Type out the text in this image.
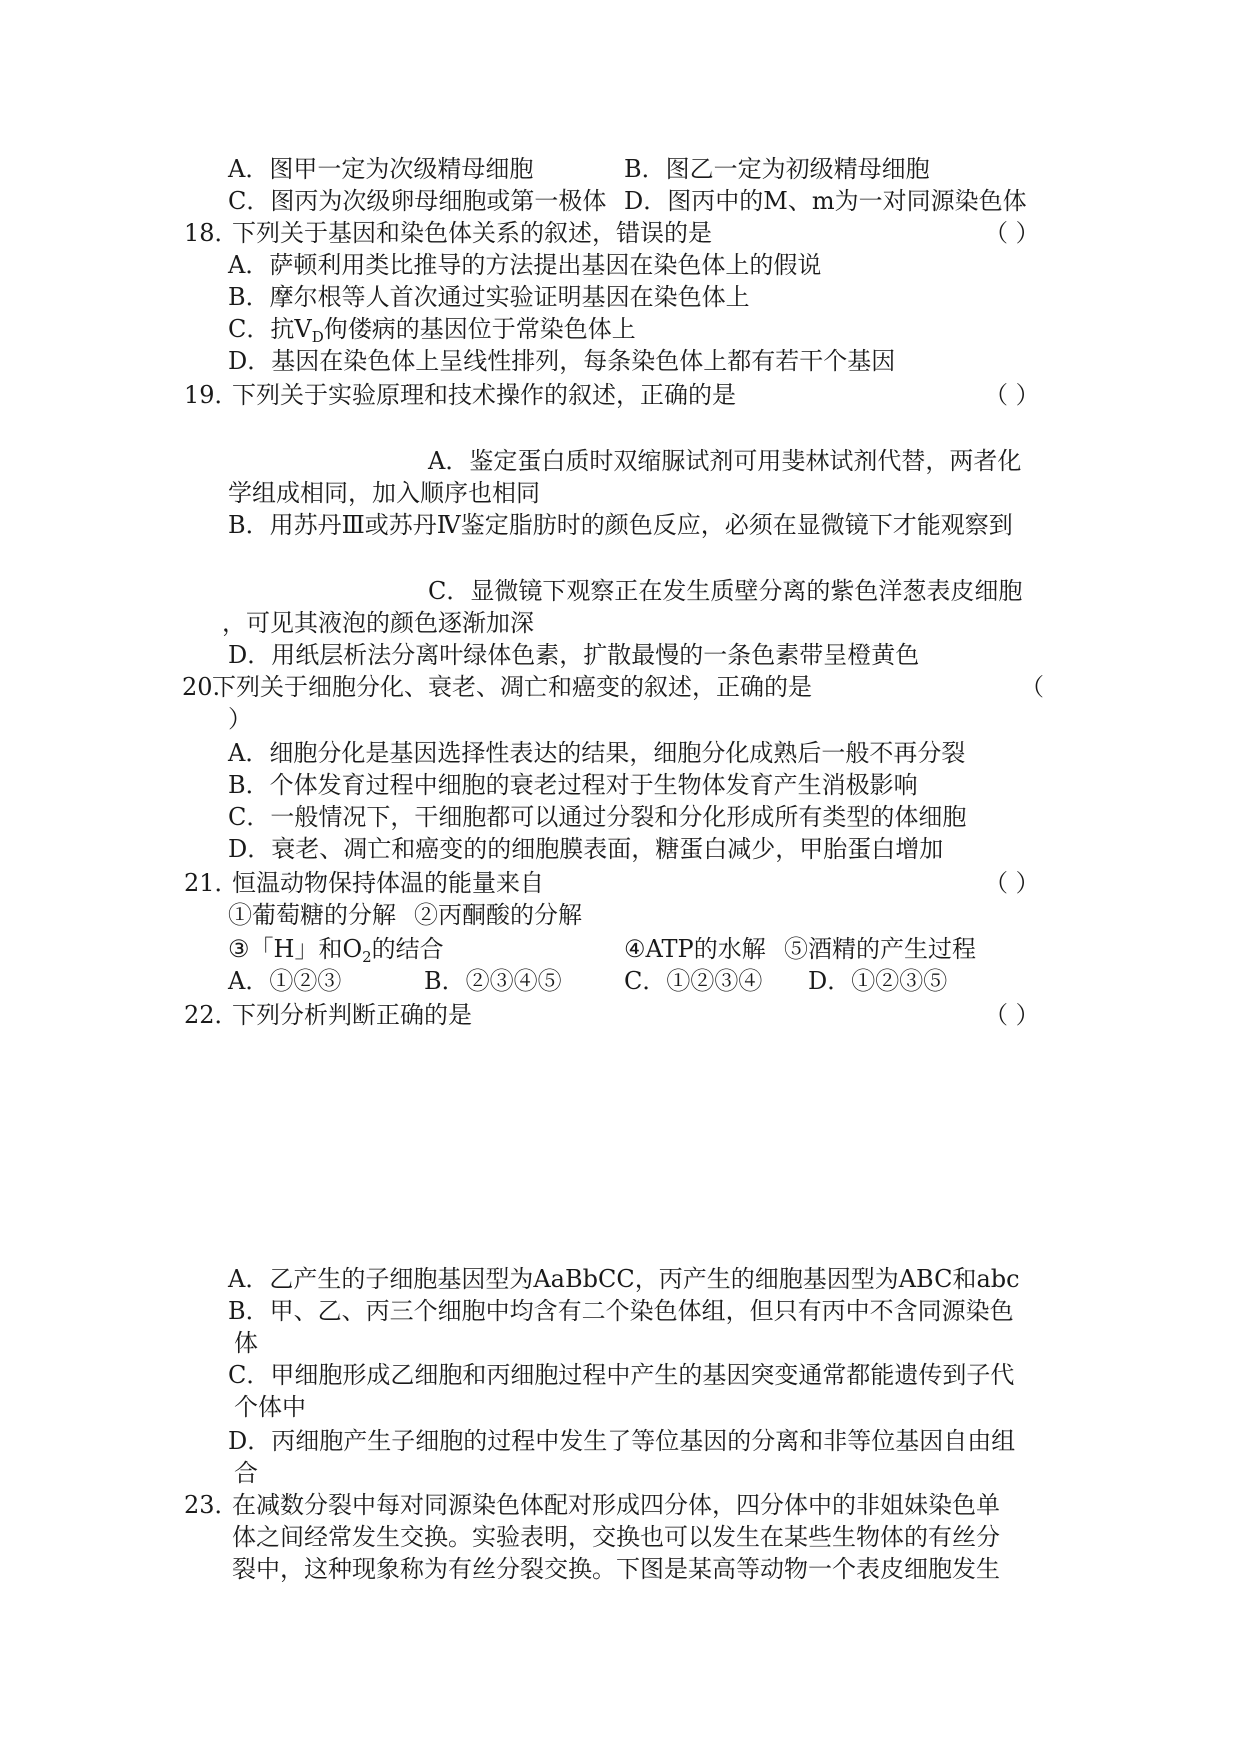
A．图甲一定为次级精母细胞	B．图乙一定为初级精母细胞
C．图丙为次级卵母细胞或第一极体 D．图丙中的M、m为一对同源染色体
18．
下列关于基因和染色体关系的叙述，错误的是	（ ）
A．萨顿利用类比推导的方法提出基因在染色体上的假说
B．摩尔根等人首次通过实验证明基因在染色体上
C．抗$V_D$佝偻病的基因位于常染色体上
D．基因在染色体上呈线性排列，每条染色体上都有若干个基因
19．
下列关于实验原理和技术操作的叙述，正确的是	（ ）
A．鉴定蛋白质时双缩脲试剂可用斐林试剂代替，两者化
学组成相同，加入顺序也相同
B．用苏丹Ⅲ或苏丹Ⅳ鉴定脂肪时的颜色反应，必须在显微镜下才能观察到
C．显微镜下观察正在发生质壁分离的紫色洋葱表皮细胞
，可见其液泡的颜色逐渐加深
D．用纸层析法分离叶绿体色素，扩散最慢的一条色素带呈橙黄色
20.
下列关于细胞分化、衰老、凋亡和癌变的叙述，正确的是	（
）
A．细胞分化是基因选择性表达的结果，细胞分化成熟后一般不再分裂
B．个体发育过程中细胞的衰老过程对于生物体发育产生消极影响
C．一般情况下，干细胞都可以通过分裂和分化形成所有类型的体细胞
D．衰老、凋亡和癌变的的细胞膜表面，糖蛋白减少，甲胎蛋白增加
21．
恒温动物保持体温的能量来自	（ ）
①葡萄糖的分解 ②丙酮酸的分解
③「H」和$O_2$的结合	④ATP的水解 ⑤酒精的产生过程
A．①②③	B．②③④⑤	C．①②③④ D．①②③⑤
22．
下列分析判断正确的是	（ ）
A．乙产生的子细胞基因型为AaBbCC，丙产生的细胞基因型为ABC和abc
B．甲、乙、丙三个细胞中均含有二个染色体组，但只有丙中不含同源染色
体
C．甲细胞形成乙细胞和丙细胞过程中产生的基因突变通常都能遗传到子代
个体中
D．丙细胞产生子细胞的过程中发生了等位基因的分离和非等位基因自由组
合
23．
在减数分裂中每对同源染色体配对形成四分体，四分体中的非姐妹染色单
体之间经常发生交换。实验表明，交换也可以发生在某些生物体的有丝分
裂中，这种现象称为有丝分裂交换。下图是某高等动物一个表皮细胞发生
